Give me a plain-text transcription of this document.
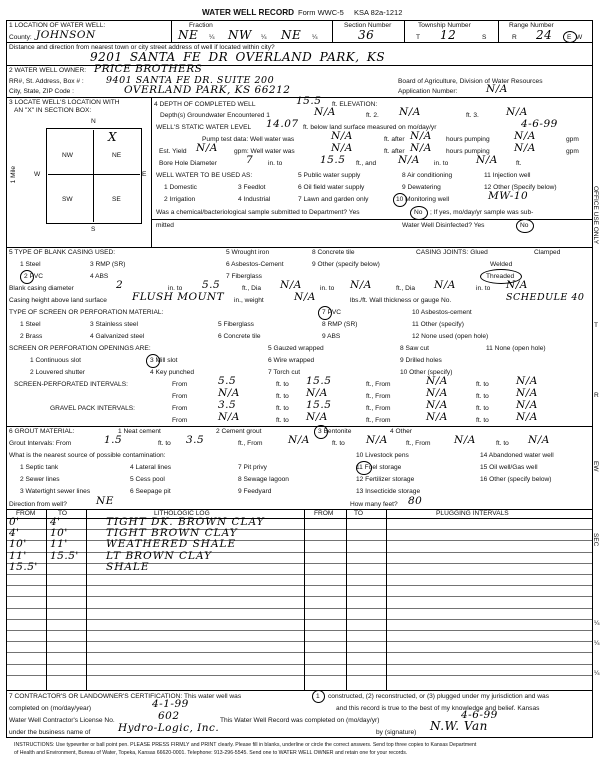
WATER WELL RECORD Form WWC-5 KSA 82a-1212
1 LOCATION OF WATER WELL:	Fraction	Section Number	Township Number	Range Number
County: JOHNSON	NE ¼ NW ¼ NE ¼	36	T 12	S	R 24 E W
Distance and direction from nearest town or city street address of well if located within city?
9201 SANTA FE DR OVERLAND PARK, KS
2 WATER WELL OWNER: PRICE BROTHERS
RR#, St. Address, Box # : 9401 SANTA FE DR. SUITE 200	Board of Agriculture, Division of Water Resources
City, State, ZIP Code :	OVERLAND PARK, KS 66212	Application Number:	N/A
3 LOCATE WELL'S LOCATION WITH
AN "X" IN SECTION BOX:
N
S
W	E
NW	NE
SW	SE
X
1 Mile
4 DEPTH OF COMPLETED WELL	15.5 ft. ELEVATION:
Depth(s) Groundwater Encountered 1	N/A	ft. 2. N/A	ft. 3.	N/A
WELL'S STATIC WATER LEVEL 14.07 ft. below land surface measured on mo/day/yr	4-6-99
Pump test data: Well water was	N/A	ft. after N/A hours pumping N/A	gpm
Est. Yield N/A gpm: Well water was	N/A	ft. after N/A hours pumping N/A	gpm
Bore Hole Diameter	7 in. to	15.5 ft., and N/A in. to	N/A	ft.
WELL WATER TO BE USED AS:	5 Public water supply	8 Air conditioning	11 Injection well
1 Domestic	3 Feedlot	6 Oil field water supply	9 Dewatering	12 Other (Specify below)
2 Irrigation	4 Industrial	7 Lawn and garden only	10 Monitoring well	MW-10
Was a chemical/bacteriological sample submitted to Department? Yes	No ; If yes, mo/day/yr sample was sub-
mitted	Water Well Disinfected? Yes	No
5 TYPE OF BLANK CASING USED:	5 Wrought iron	8 Concrete tile	CASING JOINTS: Glued	Clamped
1 Steel	3 RMP (SR)	6 Asbestos-Cement	9 Other (specify below)	Welded
2 PVC	4 ABS	7 Fiberglass	Threaded
Blank casing diameter	2	in. to 5.5	ft., Dia N/A	in. to N/A	ft., Dia N/A	in. to N/A
Casing height above land surface FLUSH MOUNT in., weight	N/A	lbs./ft. Wall thickness or gauge No.	SCHEDULE 40
TYPE OF SCREEN OR PERFORATION MATERIAL:	7 PVC	10 Asbestos-cement
1 Steel	3 Stainless steel	5 Fiberglass	8 RMP (SR)	11 Other (specify)
2 Brass	4 Galvanized steel	6 Concrete tile	9 ABS	12 None used (open hole)
SCREEN OR PERFORATION OPENINGS ARE:	5 Gauzed wrapped	8 Saw cut	11 None (open hole)
1 Continuous slot	3 Mill slot	6 Wire wrapped	9 Drilled holes
2 Louvered shutter	4 Key punched	7 Torch cut	10 Other (specify)
SCREEN-PERFORATED INTERVALS:	From	5.5	ft. to 15.5	ft., From	N/A	ft. to	N/A
From	N/A	ft. to N/A	ft., From	N/A	ft. to	N/A
GRAVEL PACK INTERVALS:	From	3.5	ft. to 15.5	ft., From	N/A	ft. to	N/A
From	N/A	ft. to N/A	ft., From	N/A	ft. to	N/A
6 GROUT MATERIAL:	1 Neat cement	2 Cement grout	3 Bentonite	4 Other
Grout Intervals: From	1.5	ft. to 3.5	ft., From N/A	ft. to N/A	ft., From N/A	ft. to N/A
What is the nearest source of possible contamination:	10 Livestock pens	14 Abandoned water well
1 Septic tank	4 Lateral lines	7 Pit privy	11 Fuel storage	15 Oil well/Gas well
2 Sewer lines	5 Cess pool	8 Sewage lagoon	12 Fertilizer storage	16 Other (specify below)
3 Watertight sewer lines	6 Seepage pit	9 Feedyard	13 Insecticide storage
Direction from well?	NE	How many feet? 80
FROM	TO	LITHOLOGIC LOG	FROM	TO	PLUGGING INTERVALS
0'	4'	TIGHT DK. BROWN CLAY
4'	10'	TIGHT BROWN CLAY
10' 11'	WEATHERED SHALE
11' 15.5'	LT BROWN CLAY
15.5'	SHALE
7 CONTRACTOR'S OR LANDOWNER'S CERTIFICATION: This water well was	1 constructed, (2) reconstructed, or (3) plugged under my jurisdiction and was
completed on (mo/day/year)	4-1-99	and this record is true to the best of my knowledge and belief. Kansas
Water Well Contractor's License No.	602	This Water Well Record was completed on (mo/day/yr)	4-6-99
under the business name of	Hydro-Logic, Inc.	by (signature) N.W. Van
INSTRUCTIONS: Use typewriter or ball point pen. PLEASE PRESS FIRMLY and PRINT clearly. Please fill in blanks, underline or circle the correct answers. Send top three copies to Kansas Department
of Health and Environment, Bureau of Water, Topeka, Kansas 66620-0001. Telephone: 913-296-5545. Send one to WATER WELL OWNER and retain one for your records.
OFFICE USE ONLY
T
R
EW
SEC
¼
¼
¼
